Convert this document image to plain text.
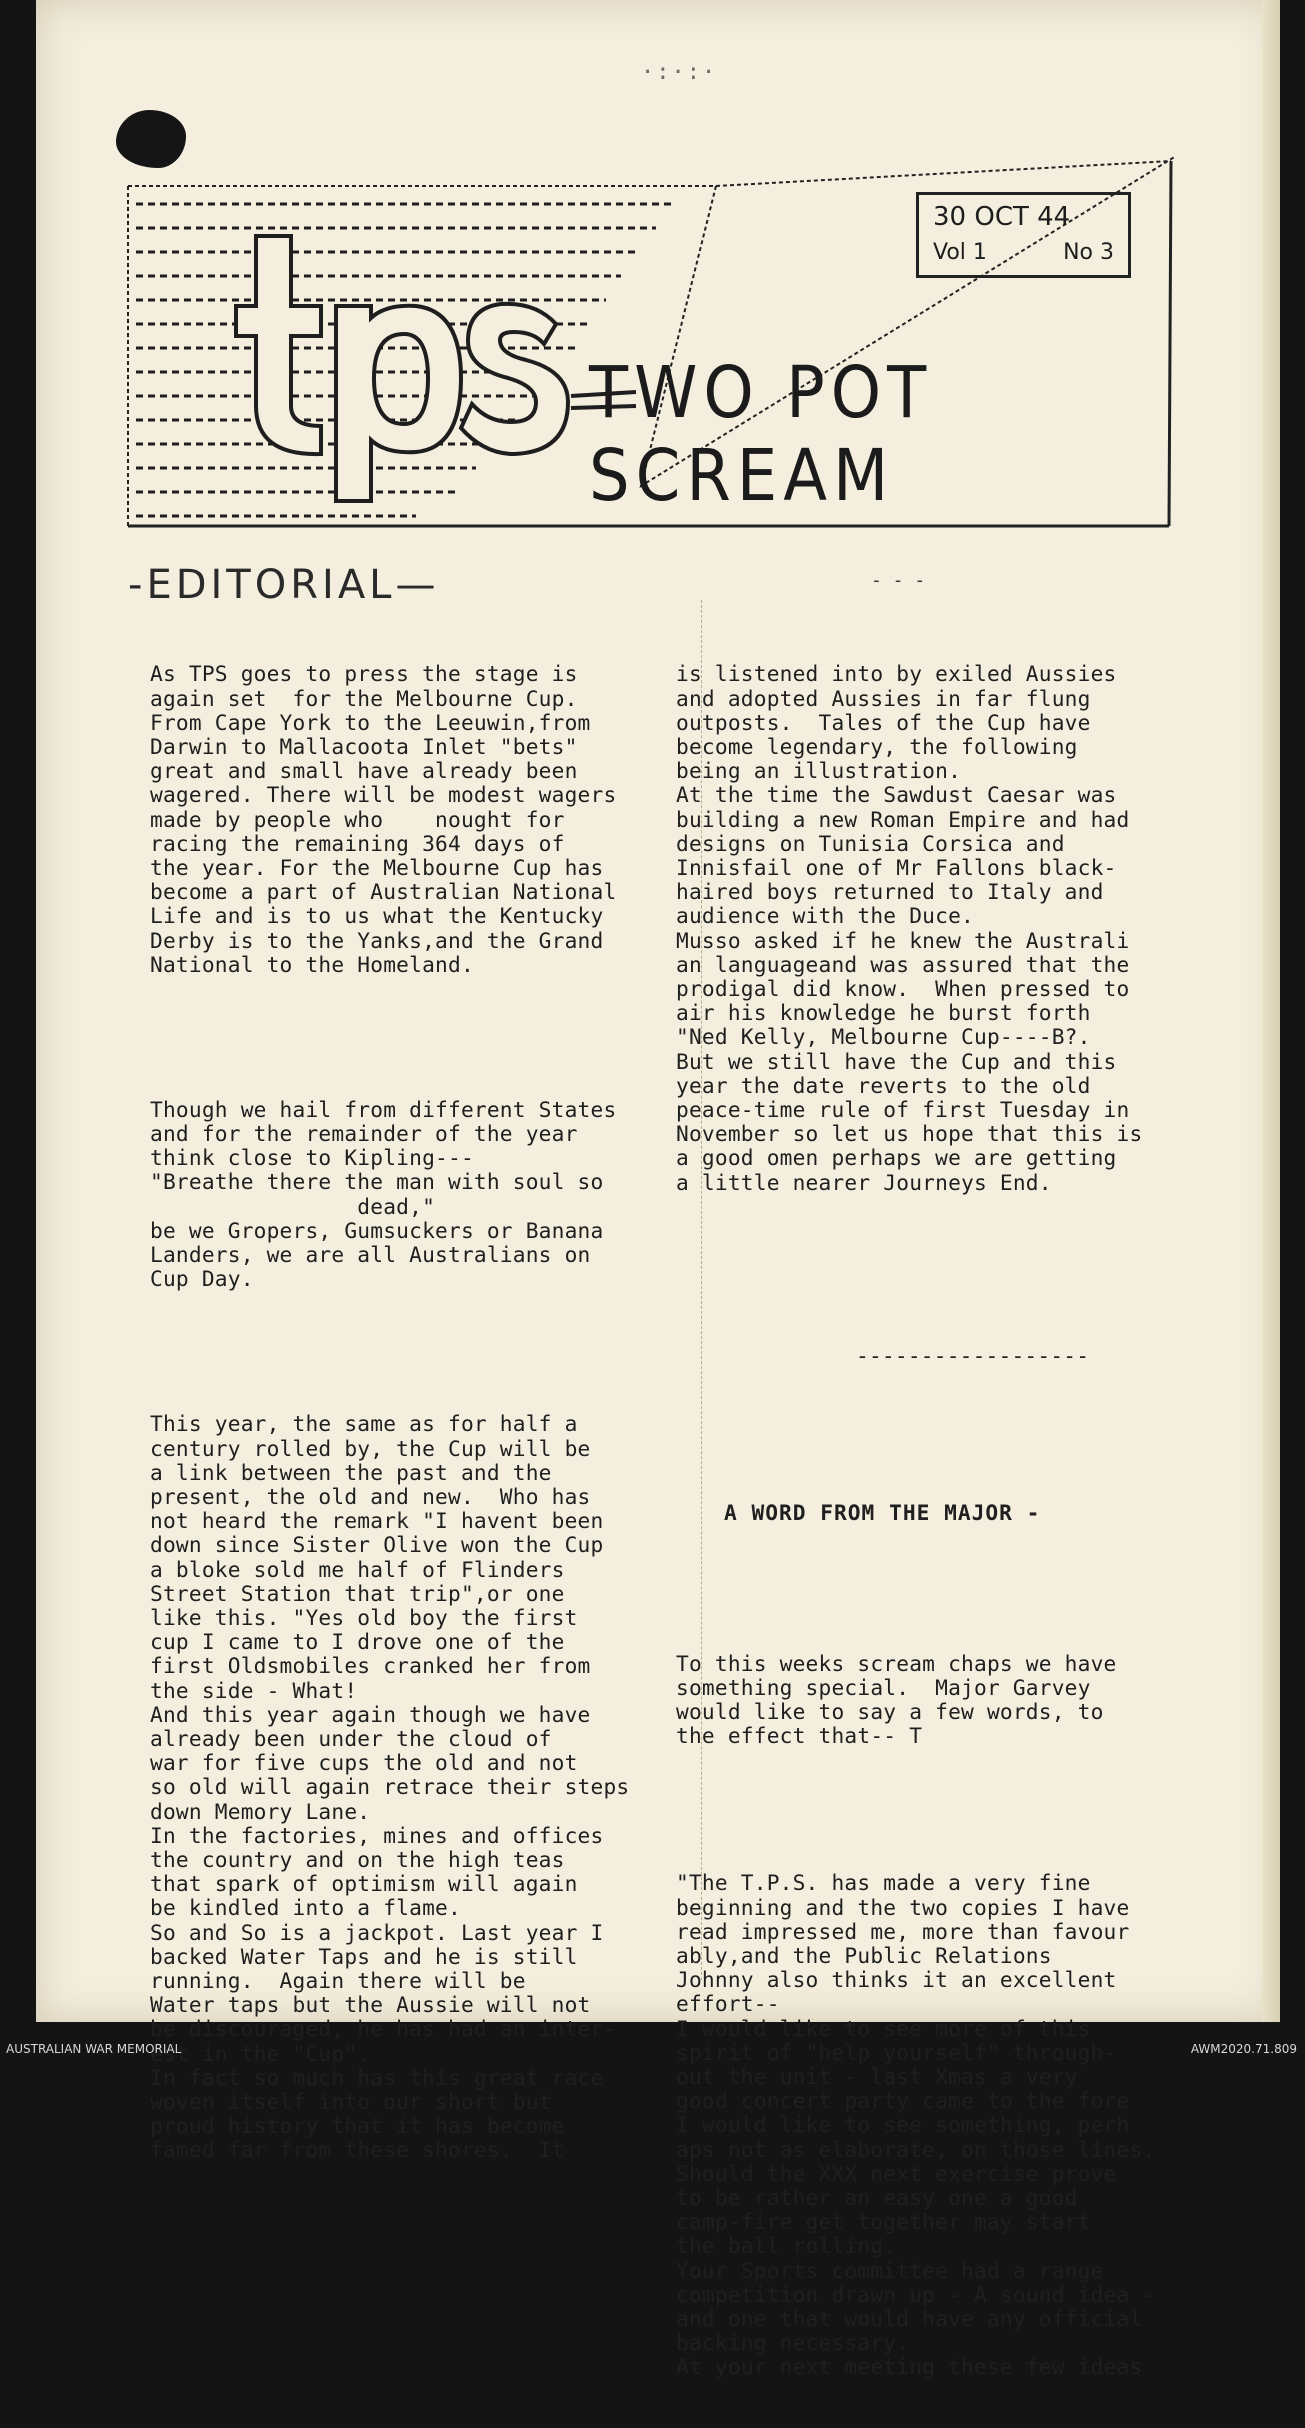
·:·:·
30 OCT 44
Vol 1	No 3
TWO POT SCREAM
-EDITORIAL—	- - -

As TPS goes to press the stage is
again set  for the Melbourne Cup.
From Cape York to the Leeuwin,from
Darwin to Mallacoota Inlet "bets"
great and small have already been
wagered. There will be modest wagers
made by people who    nought for
racing the remaining 364 days of
the year. For the Melbourne Cup has
become a part of Australian National
Life and is to us what the Kentucky
Derby is to the Yanks,and the Grand
National to the Homeland.

Though we hail from different States
and for the remainder of the year
think close to Kipling---
"Breathe there the man with soul so
dead,"
be we Gropers, Gumsuckers or Banana
Landers, we are all Australians on
Cup Day.

This year, the same as for half a
century rolled by, the Cup will be
a link between the past and the
present, the old and new.  Who has
not heard the remark "I havent been
down since Sister Olive won the Cup
a bloke sold me half of Flinders
Street Station that trip",or one
like this. "Yes old boy the first
cup I came to I drove one of the
first Oldsmobiles cranked her from
the side - What!
And this year again though we have
already been under the cloud of
war for five cups the old and not
so old will again retrace their steps
down Memory Lane.
In the factories, mines and offices
the country and on the high teas
that spark of optimism will again
be kindled into a flame.
So and So is a jackpot. Last year I
backed Water Taps and he is still
running.  Again there will be
Water taps but the Aussie will not
be discouraged, he has had an inter-
est in the "Cup".
In fact so much has this great race
woven itself into our short but
proud history that it has become
famed far from these shores.  It

is listened into by exiled Aussies
and adopted Aussies in far flung
outposts.  Tales of the Cup have
become legendary, the following
being an illustration.
At the time the Sawdust Caesar was
building a new Roman Empire and had
designs on Tunisia Corsica and
Innisfail one of Mr Fallons black-
haired boys returned to Italy and
audience with the Duce.
Musso asked if he knew the Australi
an languageand was assured that the
prodigal did know.  When pressed to
air his knowledge he burst forth
"Ned Kelly, Melbourne Cup----B?.
But we still have the Cup and this
year the date reverts to the old
peace-time rule of first Tuesday in
November so let us hope that this is
a good omen perhaps we are getting
a little nearer Journeys End.

------------------

A WORD FROM THE MAJOR -

To this weeks scream chaps we have
something special.  Major Garvey
would like to say a few words, to
the effect that-- T

"The T.P.S. has made a very fine
beginning and the two copies I have
read impressed me, more than favour
ably,and the Public Relations
Johnny also thinks it an excellent
effort--
I would like to see more of this
spirit of "help yourself" through-
out the unit - last Xmas a very
good concert party came to the fore
I would like to see something, perh
aps not as elaborate, on those lines.
Should the XXX next exercise prove
to be rather an easy one a good
camp-fire get together may start
the ball rolling.
Your Sports committee had a range
competition drawn up - A sound idea -
and one that would have any official
backing necessary.
At your next meeting these few ideas

AUSTRALIAN WAR MEMORIAL	AWM2020.71.809
